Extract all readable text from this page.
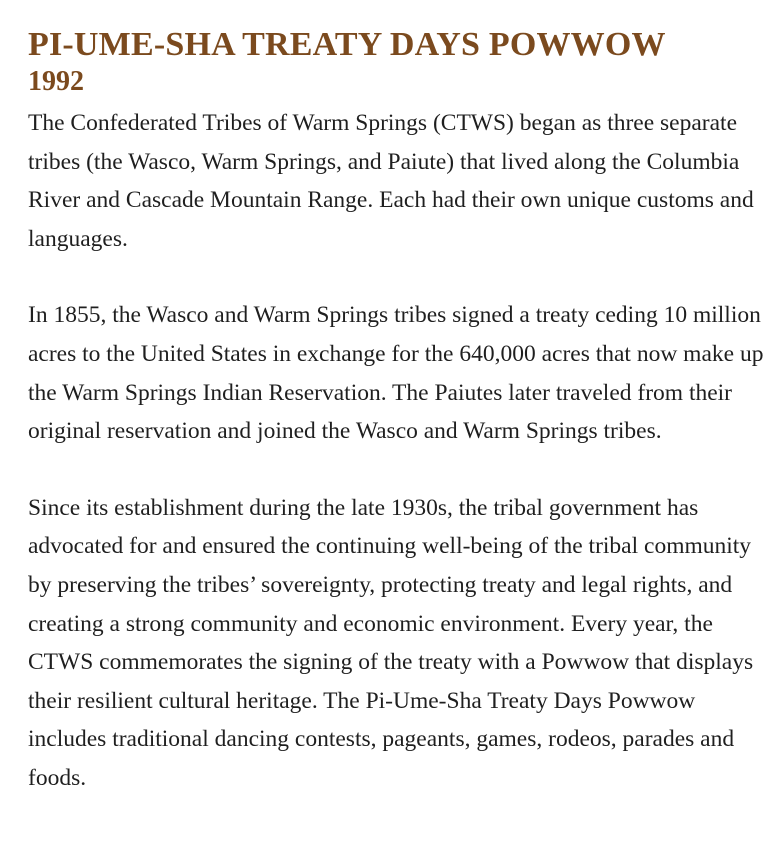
PI-UME-SHA TREATY DAYS POWWOW
1992

The Confederated Tribes of Warm Springs (CTWS) began as three separate tribes (the Wasco, Warm Springs, and Paiute) that lived along the Columbia River and Cascade Mountain Range. Each had their own unique customs and languages.

In 1855, the Wasco and Warm Springs tribes signed a treaty ceding 10 million acres to the United States in exchange for the 640,000 acres that now make up the Warm Springs Indian Reservation. The Paiutes later traveled from their original reservation and joined the Wasco and Warm Springs tribes.

Since its establishment during the late 1930s, the tribal government has advocated for and ensured the continuing well-being of the tribal community by preserving the tribes’ sovereignty, protecting treaty and legal rights, and creating a strong community and economic environment. Every year, the CTWS commemorates the signing of the treaty with a Powwow that displays their resilient cultural heritage. The Pi-Ume-Sha Treaty Days Powwow includes traditional dancing contests, pageants, games, rodeos, parades and foods.
